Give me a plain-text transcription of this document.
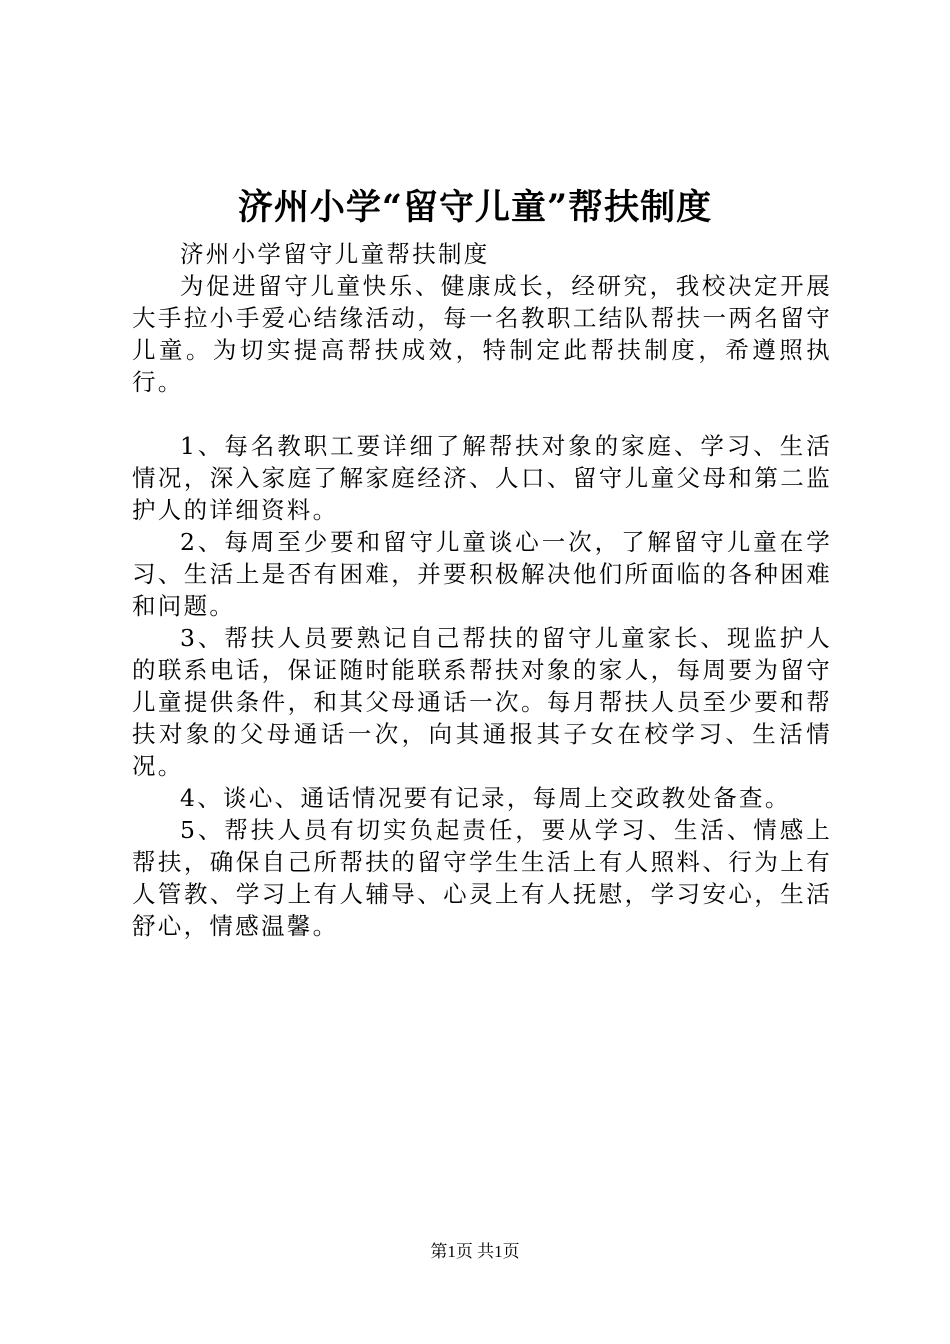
济州小学“留守儿童”帮扶制度

济州小学留守儿童帮扶制度

为促进留守儿童快乐、健康成长，经研究，我校决定开展大手拉小手爱心结缘活动，每一名教职工结队帮扶一两名留守儿童。为切实提高帮扶成效，特制定此帮扶制度，希遵照执行。

1、每名教职工要详细了解帮扶对象的家庭、学习、生活情况，深入家庭了解家庭经济、人口、留守儿童父母和第二监护人的详细资料。

2、每周至少要和留守儿童谈心一次，了解留守儿童在学习、生活上是否有困难，并要积极解决他们所面临的各种困难和问题。

3、帮扶人员要熟记自己帮扶的留守儿童家长、现监护人的联系电话，保证随时能联系帮扶对象的家人，每周要为留守儿童提供条件，和其父母通话一次。每月帮扶人员至少要和帮扶对象的父母通话一次，向其通报其子女在校学习、生活情况。

4、谈心、通话情况要有记录，每周上交政教处备查。

5、帮扶人员有切实负起责任，要从学习、生活、情感上帮扶，确保自己所帮扶的留守学生生活上有人照料、行为上有人管教、学习上有人辅导、心灵上有人抚慰，学习安心，生活舒心，情感温馨。

第1页 共1页
